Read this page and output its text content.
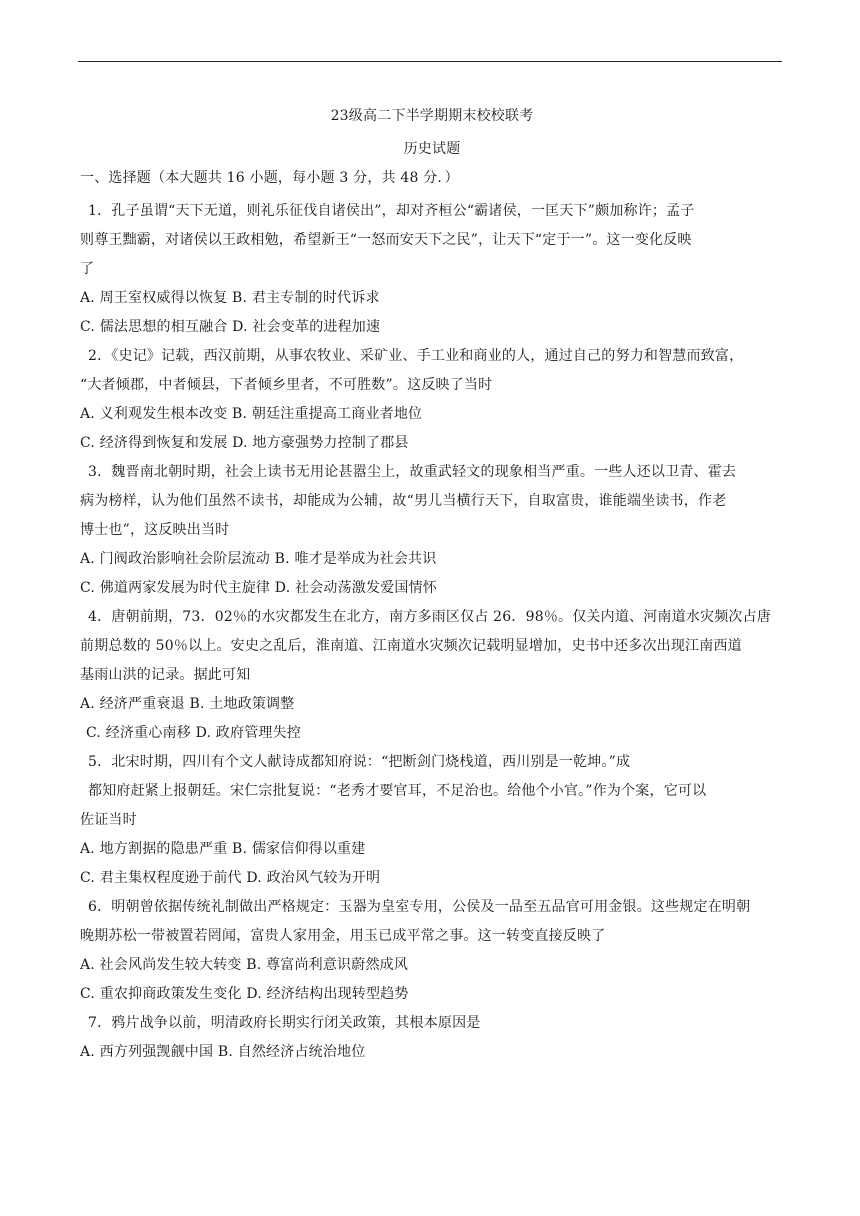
23级高二下半学期期末校校联考
历史试题
一、选择题（本大题共 16 小题，每小题 3 分，共 48 分．）
1．孔子虽谓“天下无道，则礼乐征伐自诸侯出”，却对齐桓公“霸诸侯，一匡天下”颇加称许；孟子
则尊王黜霸，对诸侯以王政相勉，希望新王“一怒而安天下之民”，让天下“定于一”。这一变化反映
了
A. 周王室权威得以恢复 B. 君主专制的时代诉求
C. 儒法思想的相互融合 D. 社会变革的进程加速
2．《史记》记载，西汉前期，从事农牧业、采矿业、手工业和商业的人，通过自己的努力和智慧而致富，
“大者倾郡，中者倾县，下者倾乡里者，不可胜数”。这反映了当时
A. 义利观发生根本改变 B. 朝廷注重提高工商业者地位
C. 经济得到恢复和发展 D. 地方豪强势力控制了郡县
3．魏晋南北朝时期，社会上读书无用论甚嚣尘上，故重武轻文的现象相当严重。一些人还以卫青、霍去
病为榜样，认为他们虽然不读书，却能成为公辅，故“男儿当横行天下，自取富贵，谁能端坐读书，作老
博士也”，这反映出当时
A. 门阀政治影响社会阶层流动 B. 唯才是举成为社会共识
C. 佛道两家发展为时代主旋律 D. 社会动荡激发爱国情怀
4．唐朝前期，73．02％的水灾都发生在北方，南方多雨区仅占 26．98％。仅关内道、河南道水灾频次占唐
前期总数的 50％以上。安史之乱后，淮南道、江南道水灾频次记载明显增加，史书中还多次出现江南西道
基雨山洪的记录。据此可知
A. 经济严重衰退 B. 土地政策调整
C. 经济重心南移 D. 政府管理失控
5．北宋时期，四川有个文人献诗成都知府说：“把断剑门烧栈道，西川别是一乾坤。”成
都知府赶紧上报朝廷。宋仁宗批复说：“老秀才要官耳，不足治也。给他个小官。”作为个案，它可以
佐证当时
A. 地方割据的隐患严重 B. 儒家信仰得以重建
C. 君主集权程度逊于前代 D. 政治风气较为开明
6．明朝曾依据传统礼制做出严格规定：玉器为皇室专用，公侯及一品至五品官可用金银。这些规定在明朝
晚期苏松一带被置若罔闻，富贵人家用金，用玉已成平常之事。这一转变直接反映了
A. 社会风尚发生较大转变 B. 尊富尚利意识蔚然成风
C. 重农抑商政策发生变化 D. 经济结构出现转型趋势
7．鸦片战争以前，明清政府长期实行闭关政策，其根本原因是
A. 西方列强觊觎中国 B. 自然经济占统治地位
